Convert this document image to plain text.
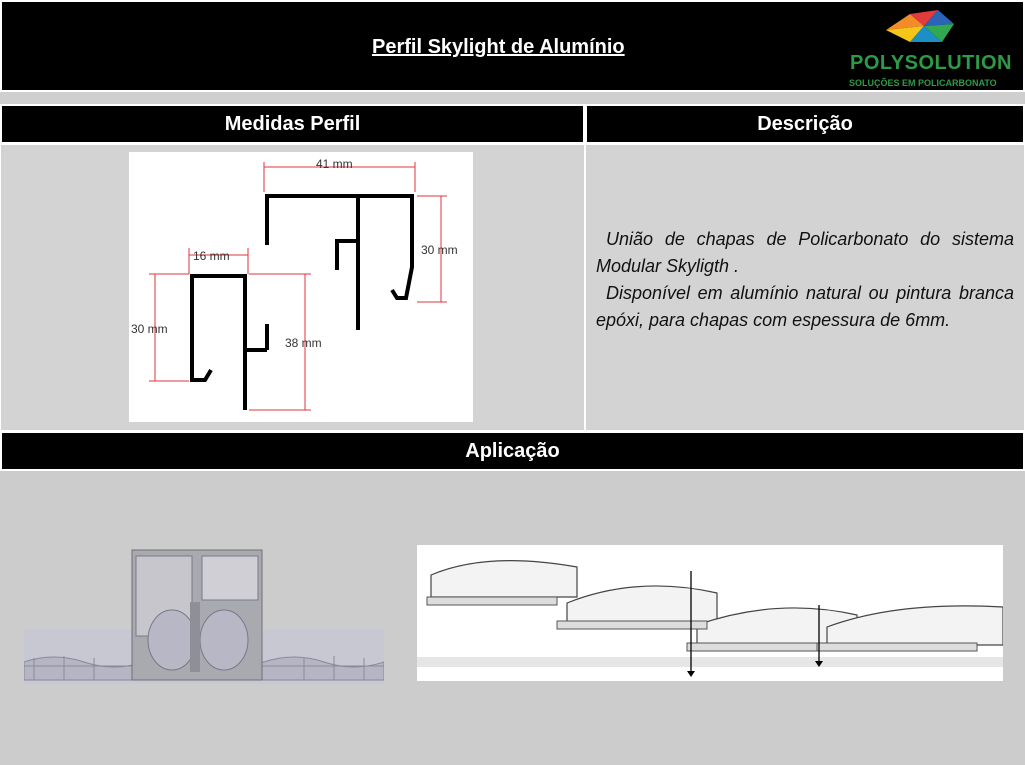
Perfil Skylight de Alumínio
POLYSOLUTION
SOLUÇÕES EM POLICARBONATO
Medidas Perfil	Descrição
41 mm
30 mm
16 mm
30 mm
38 mm

União de chapas de Policarbonato do sistema Modular Skyligth .

Disponível em alumínio natural ou pintura branca epóxi, para chapas com espessura de 6mm.

Aplicação
